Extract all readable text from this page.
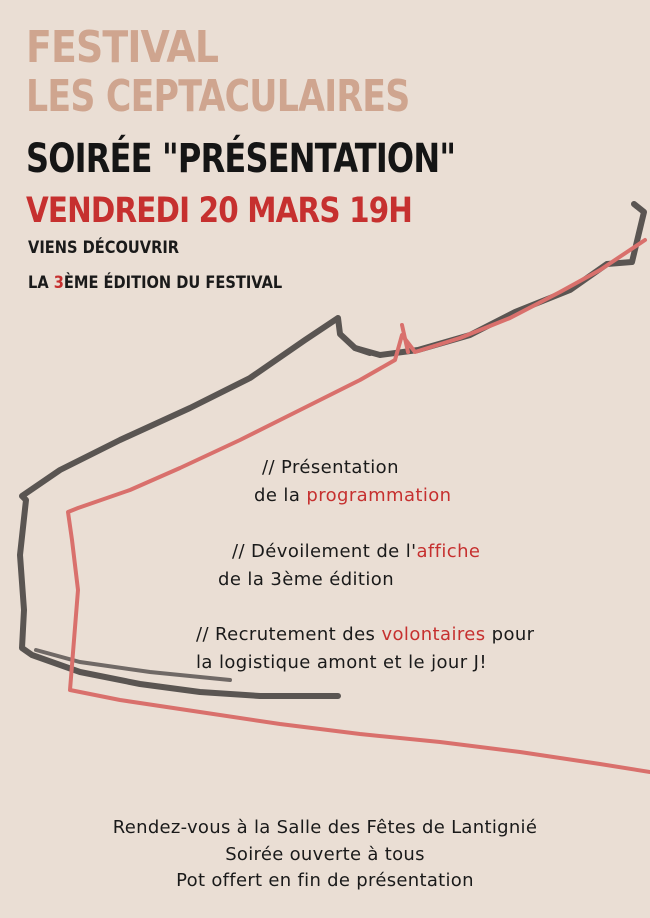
FESTIVAL
LES CEPTACULAIRES
SOIRÉE "PRÉSENTATION"
VENDREDI 20 MARS 19H

VIENS DÉCOUVRIR

LA 3ÈME ÉDITION DU FESTIVAL

// Présentation

de la programmation

// Dévoilement de l'affiche

de la 3ème édition

// Recrutement des volontaires pour

la logistique amont et le jour J!

Rendez-vous à la Salle des Fêtes de Lantignié

Soirée ouverte à tous

Pot offert en fin de présentation
